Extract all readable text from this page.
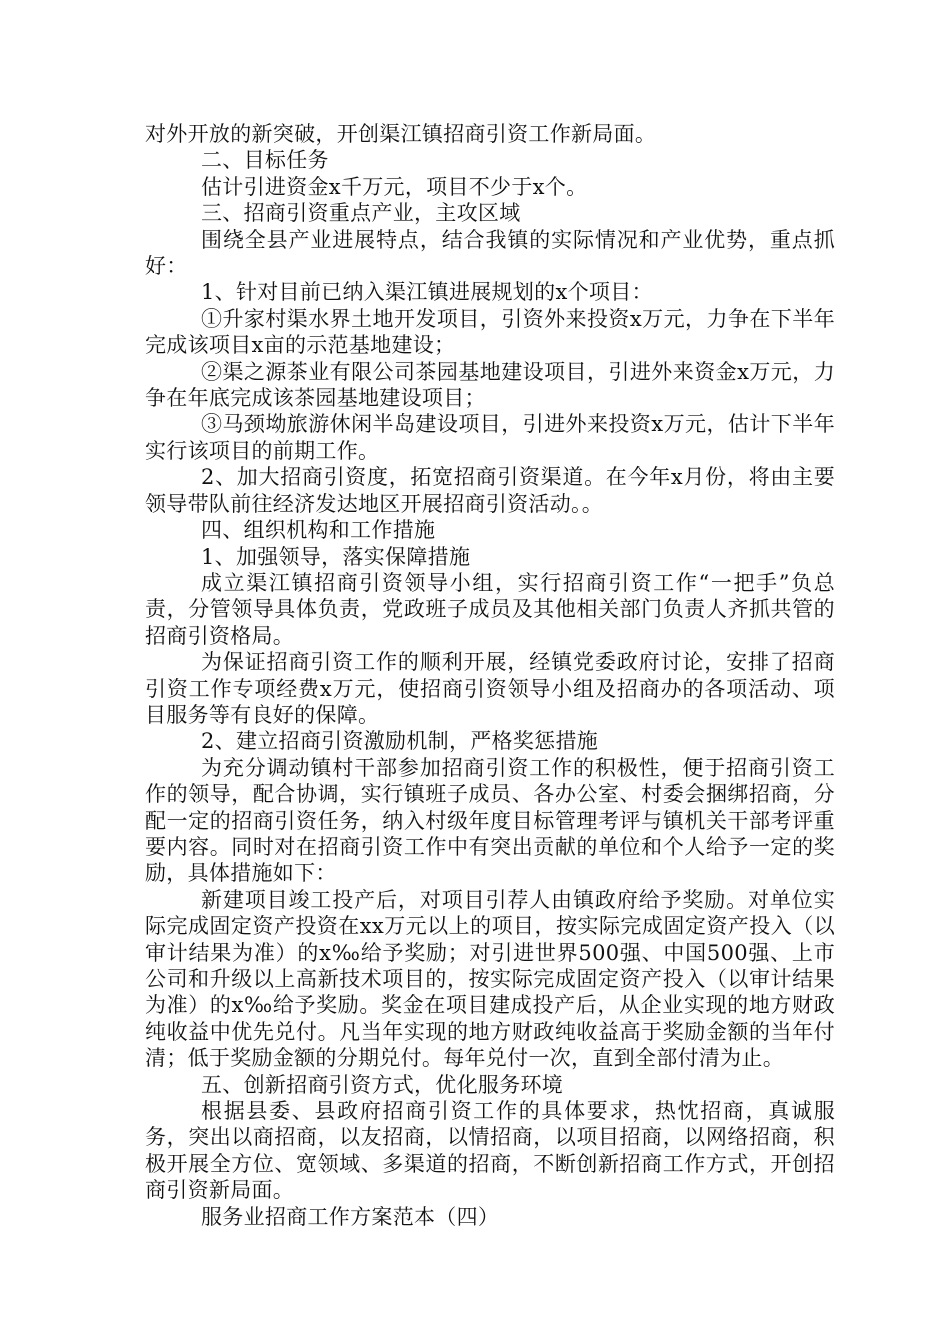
对外开放的新突破，开创渠江镇招商引资工作新局面。

二、目标任务

估计引进资金x千万元，项目不少于x个。

三、招商引资重点产业，主攻区域

围绕全县产业进展特点，结合我镇的实际情况和产业优势，重点抓好：

1、针对目前已纳入渠江镇进展规划的x个项目：

①升家村渠水界土地开发项目，引资外来投资x万元，力争在下半年完成该项目x亩的示范基地建设；

②渠之源茶业有限公司茶园基地建设项目，引进外来资金x万元，力争在年底完成该茶园基地建设项目；

③马颈坳旅游休闲半岛建设项目，引进外来投资x万元，估计下半年实行该项目的前期工作。

2、加大招商引资度，拓宽招商引资渠道。在今年x月份，将由主要领导带队前往经济发达地区开展招商引资活动。。

四、组织机构和工作措施

1、加强领导，落实保障措施

成立渠江镇招商引资领导小组，实行招商引资工作“一把手”负总责，分管领导具体负责，党政班子成员及其他相关部门负责人齐抓共管的招商引资格局。

为保证招商引资工作的顺利开展，经镇党委政府讨论，安排了招商引资工作专项经费x万元，使招商引资领导小组及招商办的各项活动、项目服务等有良好的保障。

2、建立招商引资激励机制，严格奖惩措施

为充分调动镇村干部参加招商引资工作的积极性，便于招商引资工作的领导，配合协调，实行镇班子成员、各办公室、村委会捆绑招商，分配一定的招商引资任务，纳入村级年度目标管理考评与镇机关干部考评重要内容。同时对在招商引资工作中有突出贡献的单位和个人给予一定的奖励，具体措施如下：

新建项目竣工投产后，对项目引荐人由镇政府给予奖励。对单位实际完成固定资产投资在xx万元以上的项目，按实际完成固定资产投入（以审计结果为准）的x‰给予奖励；对引进世界500强、中国500强、上市公司和升级以上高新技术项目的，按实际完成固定资产投入（以审计结果为准）的x‰给予奖励。奖金在项目建成投产后，从企业实现的地方财政纯收益中优先兑付。凡当年实现的地方财政纯收益高于奖励金额的当年付清；低于奖励金额的分期兑付。每年兑付一次，直到全部付清为止。

五、创新招商引资方式，优化服务环境

根据县委、县政府招商引资工作的具体要求，热忱招商，真诚服务，突出以商招商，以友招商，以情招商，以项目招商，以网络招商，积极开展全方位、宽领域、多渠道的招商，不断创新招商工作方式，开创招商引资新局面。

服务业招商工作方案范本（四）
